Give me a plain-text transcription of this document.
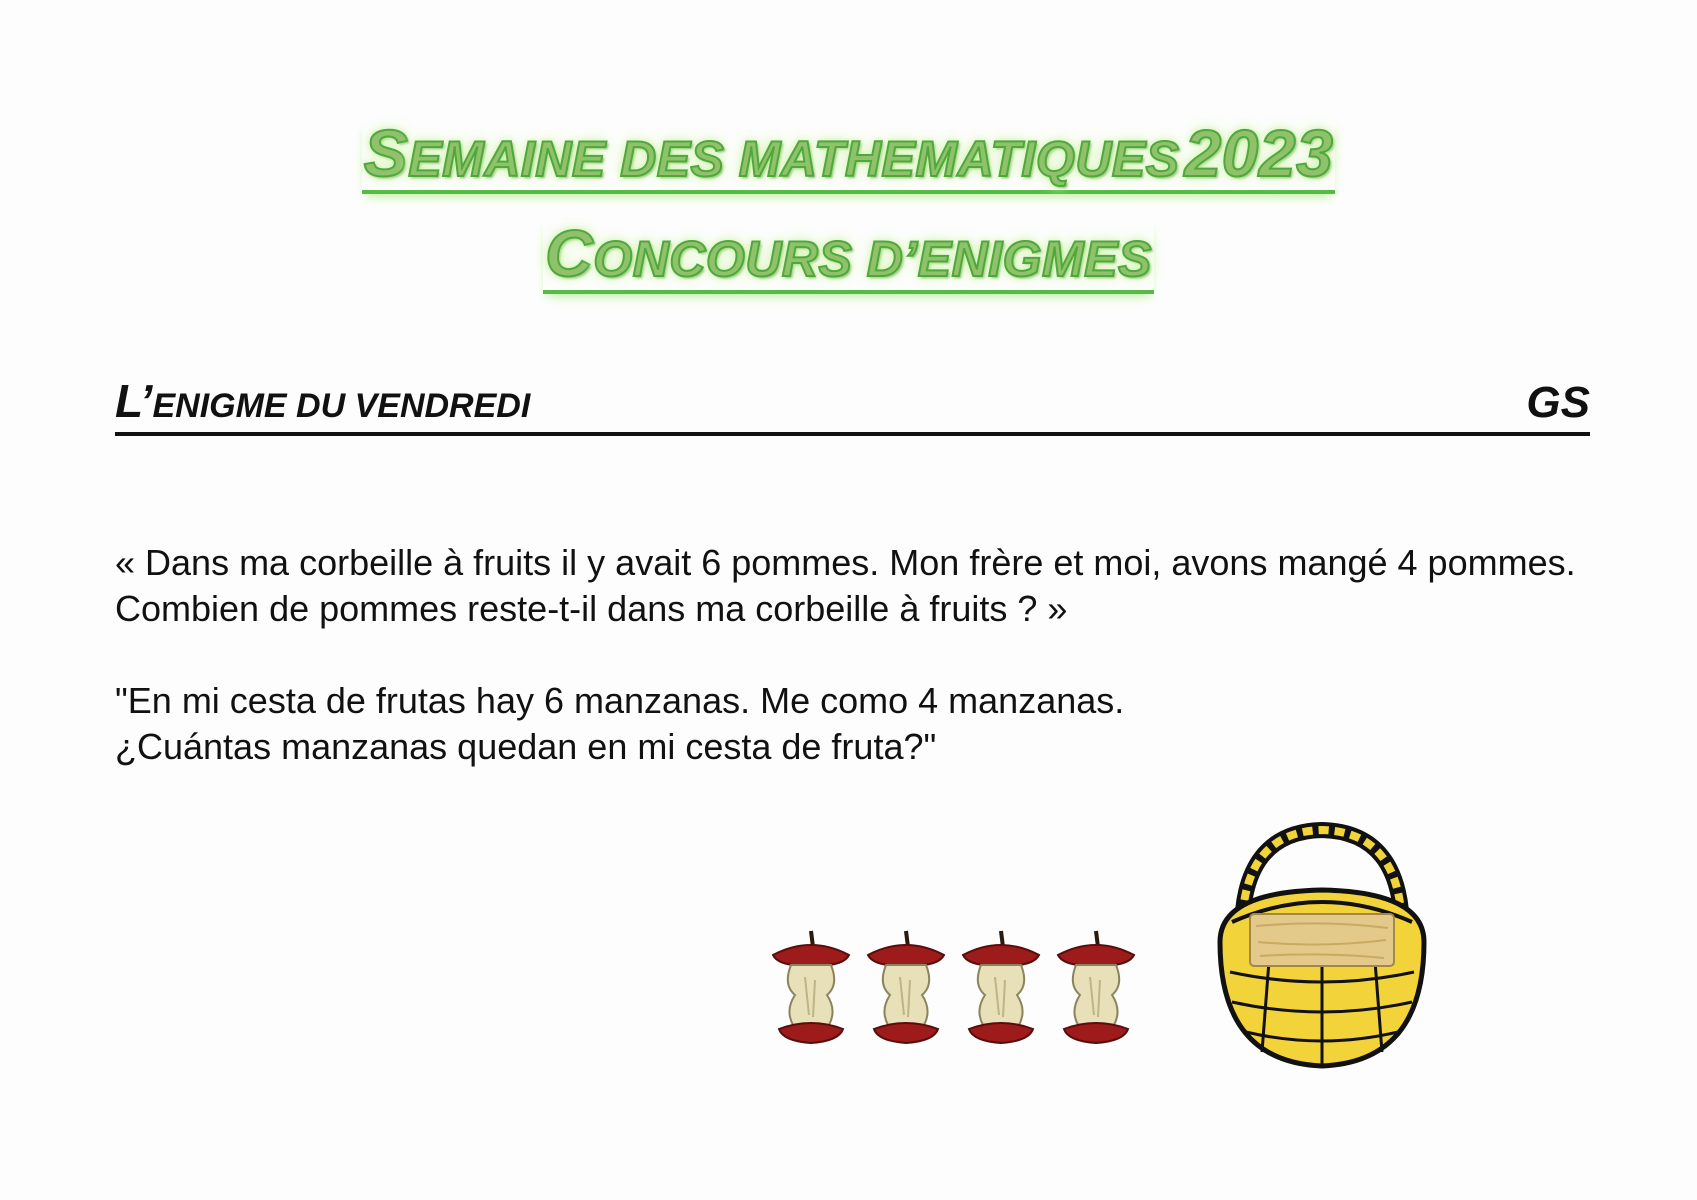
SEMAINE DES MATHEMATIQUES 2023
CONCOURS D’ENIGMES
L’ENIGME DU VENDREDI	GS

« Dans ma corbeille à fruits il y avait 6 pommes. Mon frère et moi, avons mangé 4 pommes.

Combien de pommes reste-t-il dans ma corbeille à fruits ? »

"En mi cesta de frutas hay 6 manzanas. Me como 4 manzanas.

¿Cuántas manzanas quedan en mi cesta de fruta?"
